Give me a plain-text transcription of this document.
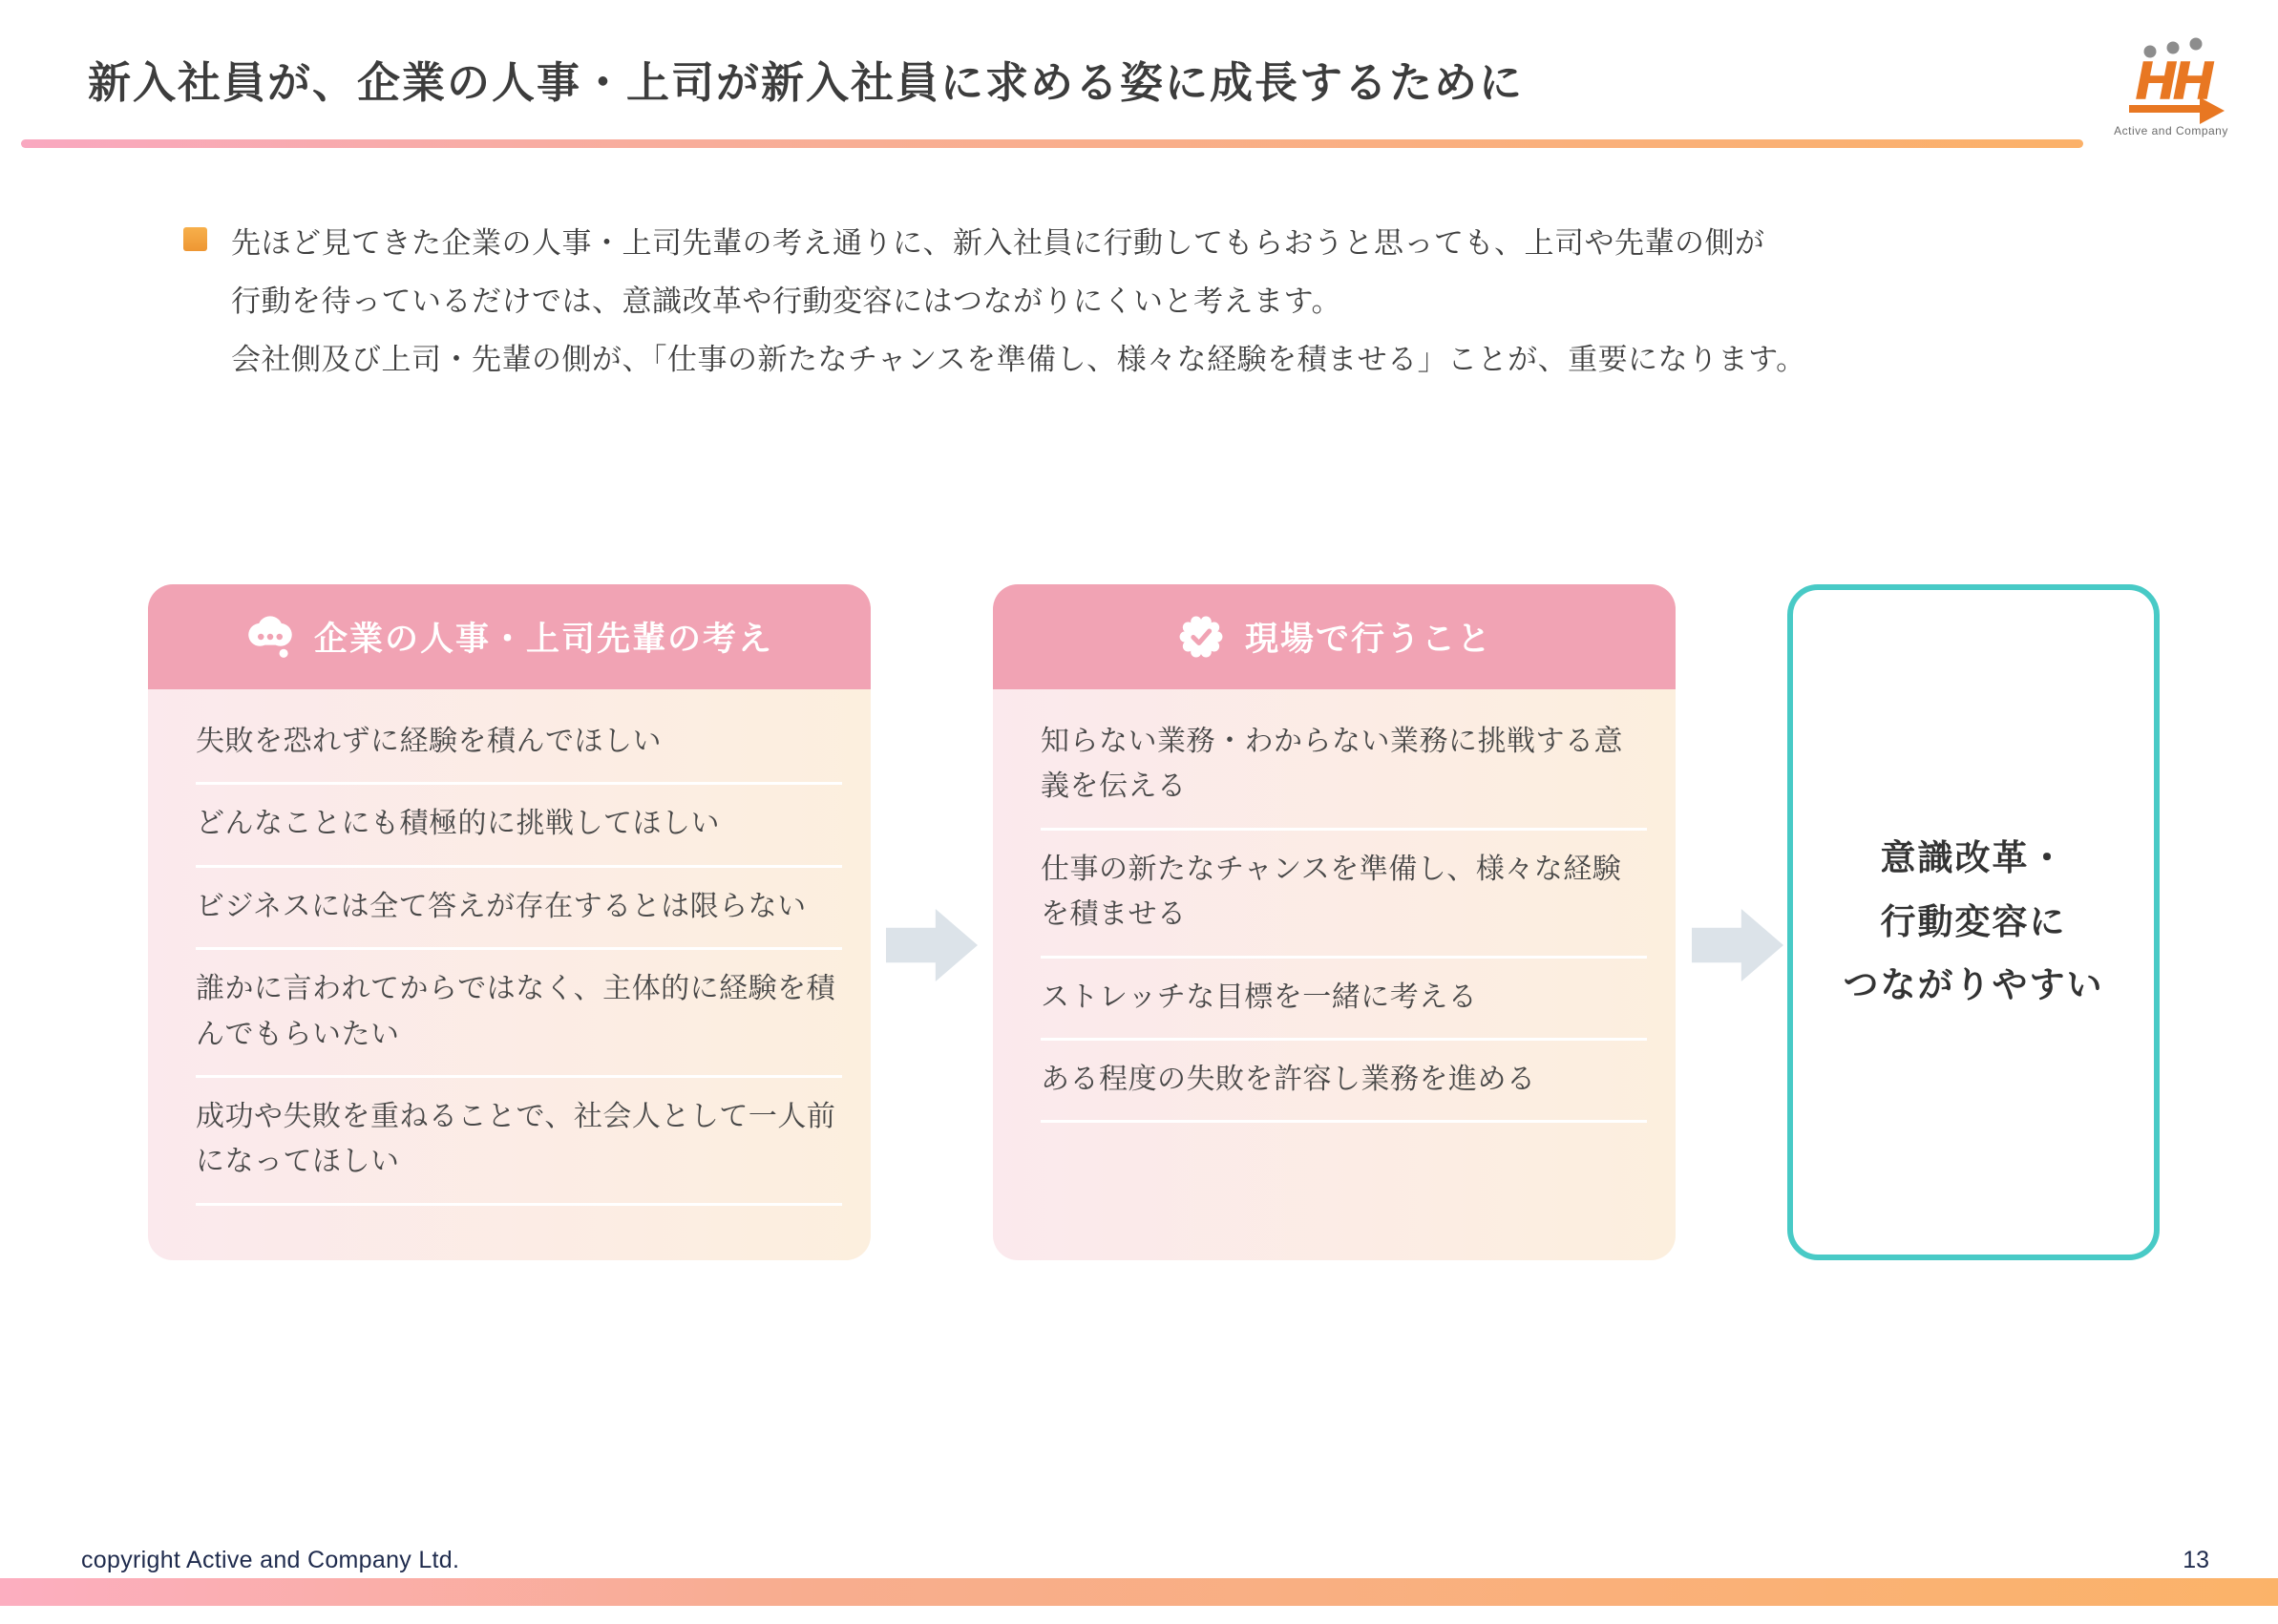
新入社員が、企業の人事・上司が新入社員に求める姿に成長するために	HH
Active and Company
先ほど見てきた企業の人事・上司先輩の考え通りに、新入社員に行動してもらおうと思っても、上司や先輩の側が
行動を待っているだけでは、意識改革や行動変容にはつながりにくいと考えます。
会社側及び上司・先輩の側が、「仕事の新たなチャンスを準備し、様々な経験を積ませる」ことが、重要になります。
企業の人事・上司先輩の考え
失敗を恐れずに経験を積んでほしい
どんなことにも積極的に挑戦してほしい
ビジネスには全て答えが存在するとは限らない
誰かに言われてからではなく、主体的に経験を積んでもらいたい
成功や失敗を重ねることで、社会人として一人前になってほしい
現場で行うこと
知らない業務・わからない業務に挑戦する意義を伝える
仕事の新たなチャンスを準備し、様々な経験を積ませる
ストレッチな目標を一緒に考える
ある程度の失敗を許容し業務を進める
意識改革・
行動変容に
つながりやすい
copyright Active and Company Ltd.	13
